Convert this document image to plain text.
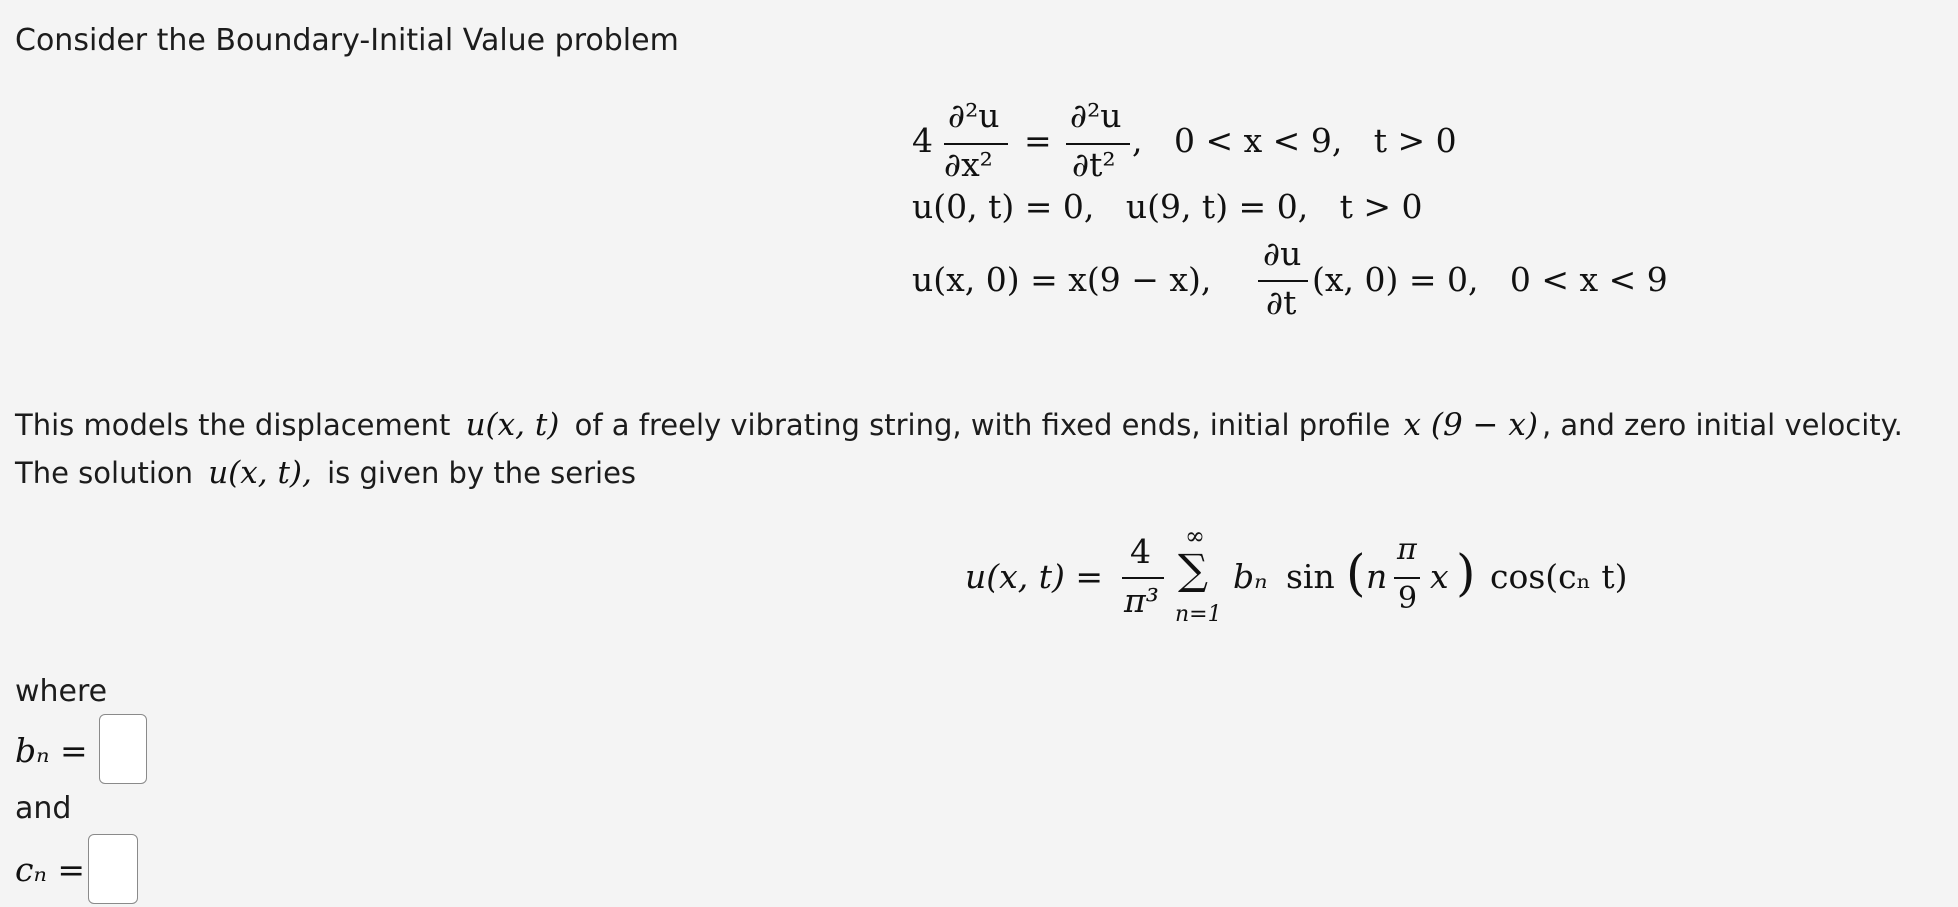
Consider the Boundary-Initial Value problem
4
∂²u
∂x²
=
∂²u
∂t²
,   0 < x < 9,   t > 0
u(0, t) = 0,   u(9, t) = 0,   t > 0
u(x, 0) = x(9 − x),
∂u
∂t
(x, 0) = 0,   0 < x < 9
This models the displacement u(x, t) of a freely vibrating string, with fixed ends, initial profile x (9 − x) , and zero initial velocity.
The solution u(x, t), is given by the series
u(x, t) =
4
π³
∞
∑
n=1
bₙ sin ( n
π
9
x ) cos(cₙ t)
where
bₙ =
and
cₙ =
